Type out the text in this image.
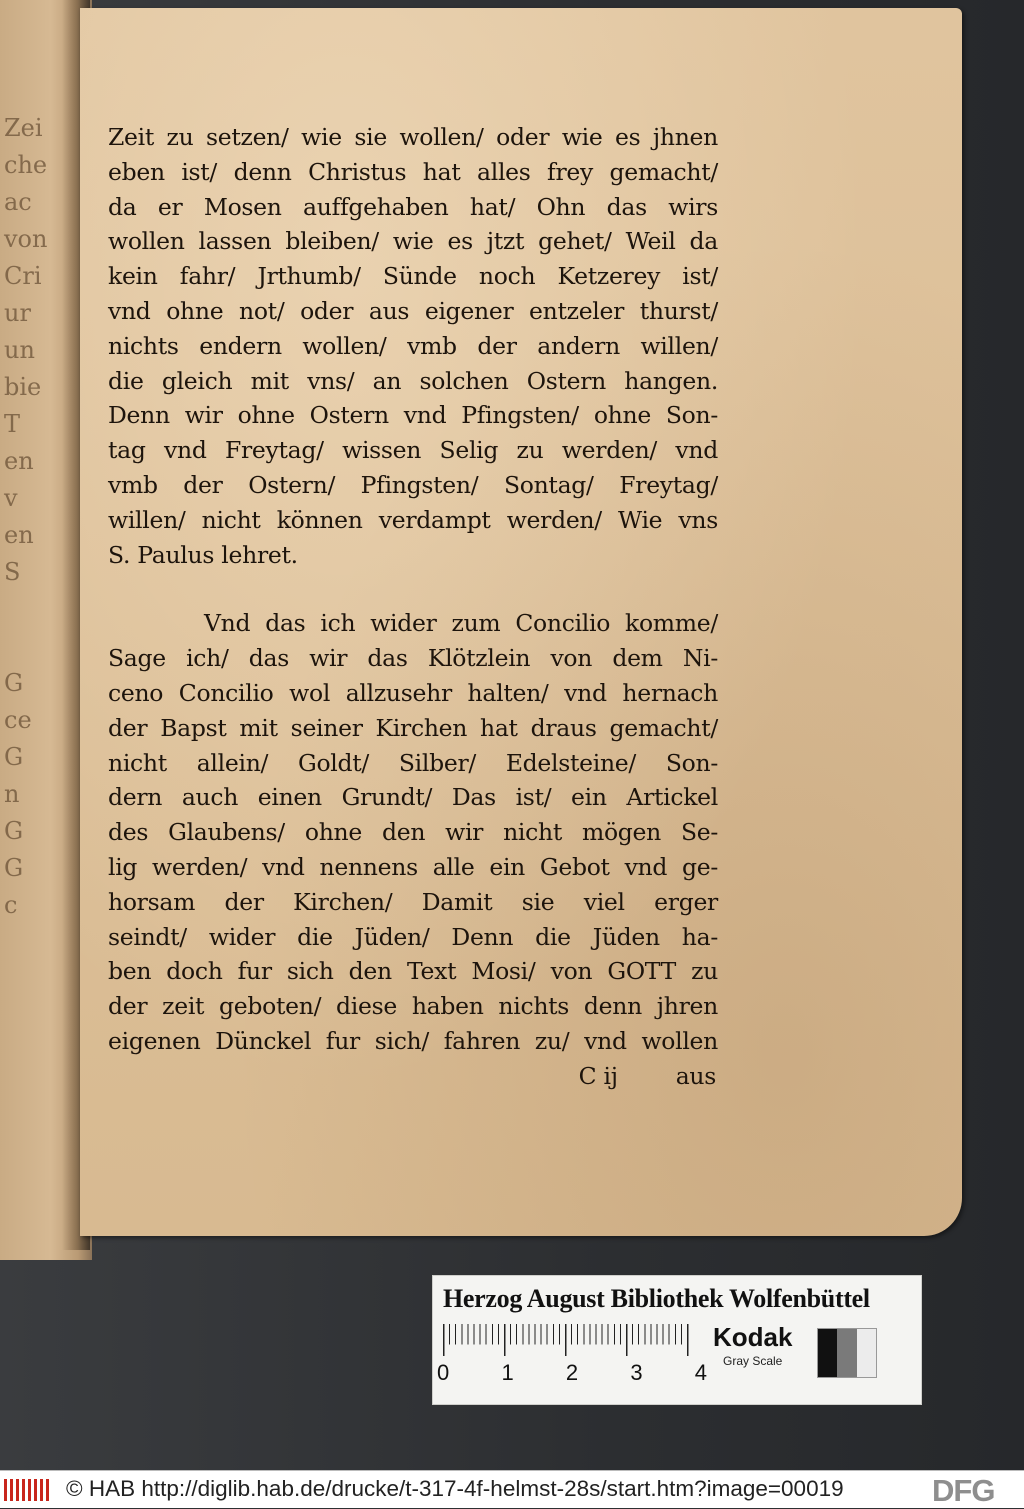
Zei
che
ac
von
Cri
ur
un
bie
T
en
v
en
S

G
ce
G
n
G
G
c
Zeit zu setzen/ wie sie wollen/ oder wie es jhnen
eben ist/ denn Christus hat alles frey gemacht/
da er Mosen auffgehaben hat/ Ohn das wirs
wollen lassen bleiben/ wie es jtzt gehet/ Weil da
kein fahr/ Jrthumb/ Sünde noch Ketzerey ist/
vnd ohne not/ oder aus eigener entzeler thurst/
nichts endern wollen/ vmb der andern willen/
die gleich mit vns/ an solchen Ostern hangen.
Denn wir ohne Ostern vnd Pfingsten/ ohne Son-
tag vnd Freytag/ wissen Selig zu werden/ vnd
vmb der Ostern/ Pfingsten/ Sontag/ Freytag/
willen/ nicht können verdampt werden/ Wie vns
S. Paulus lehret.
Vnd das ich wider zum Concilio komme/
Sage ich/ das wir das Klötzlein von dem Ni-
ceno Concilio wol allzusehr halten/ vnd hernach
der Bapst mit seiner Kirchen hat draus gemacht/
nicht allein/ Goldt/ Silber/ Edelsteine/ Son-
dern auch einen Grundt/ Das ist/ ein Artickel
des Glaubens/ ohne den wir nicht mögen Se-
lig werden/ vnd nennens alle ein Gebot vnd ge-
horsam der Kirchen/ Damit sie viel erger
seindt/ wider die Jüden/ Denn die Jüden ha-
ben doch fur sich den Text Mosi/ von GOTT zu
der zeit geboten/ diese haben nichts denn jhren
eigenen Dünckel fur sich/ fahren zu/ vnd wollen
C ij aus
Herzog August Bibliothek Wolfenbüttel
0 1 2 3 4
Kodak
Gray Scale
© HAB http://diglib.hab.de/drucke/t-317-4f-helmst-28s/start.htm?image=00019	DFG
